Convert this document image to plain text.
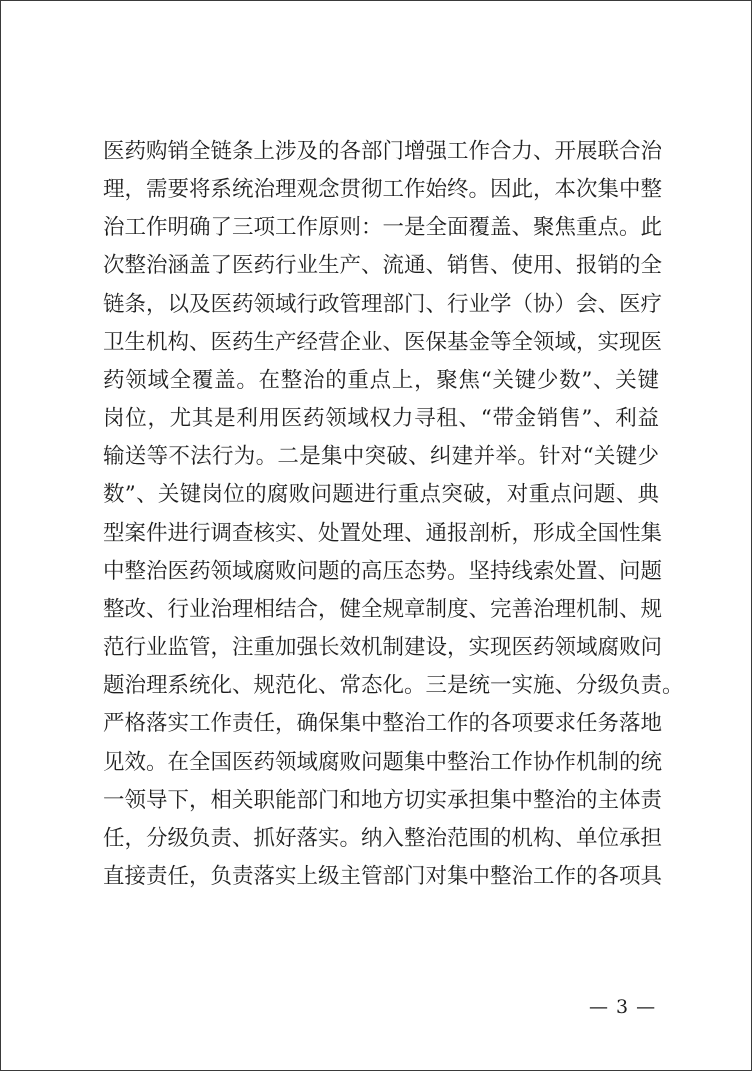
医药购销全链条上涉及的各部门增强工作合力、开展联合治
理，需要将系统治理观念贯彻工作始终。因此，本次集中整
治工作明确了三项工作原则：一是全面覆盖、聚焦重点。此
次整治涵盖了医药行业生产、流通、销售、使用、报销的全
链条，以及医药领域行政管理部门、行业学（协）会、医疗
卫生机构、医药生产经营企业、医保基金等全领域，实现医
药领域全覆盖。在整治的重点上，聚焦“关键少数”、关键
岗位，尤其是利用医药领域权力寻租、“带金销售”、利益
输送等不法行为。二是集中突破、纠建并举。针对“关键少
数”、关键岗位的腐败问题进行重点突破，对重点问题、典
型案件进行调查核实、处置处理、通报剖析，形成全国性集
中整治医药领域腐败问题的高压态势。坚持线索处置、问题
整改、行业治理相结合，健全规章制度、完善治理机制、规
范行业监管，注重加强长效机制建设，实现医药领域腐败问
题治理系统化、规范化、常态化。三是统一实施、分级负责。
严格落实工作责任，确保集中整治工作的各项要求任务落地
见效。在全国医药领域腐败问题集中整治工作协作机制的统
一领导下，相关职能部门和地方切实承担集中整治的主体责
任，分级负责、抓好落实。纳入整治范围的机构、单位承担
直接责任，负责落实上级主管部门对集中整治工作的各项具
— 3 —
